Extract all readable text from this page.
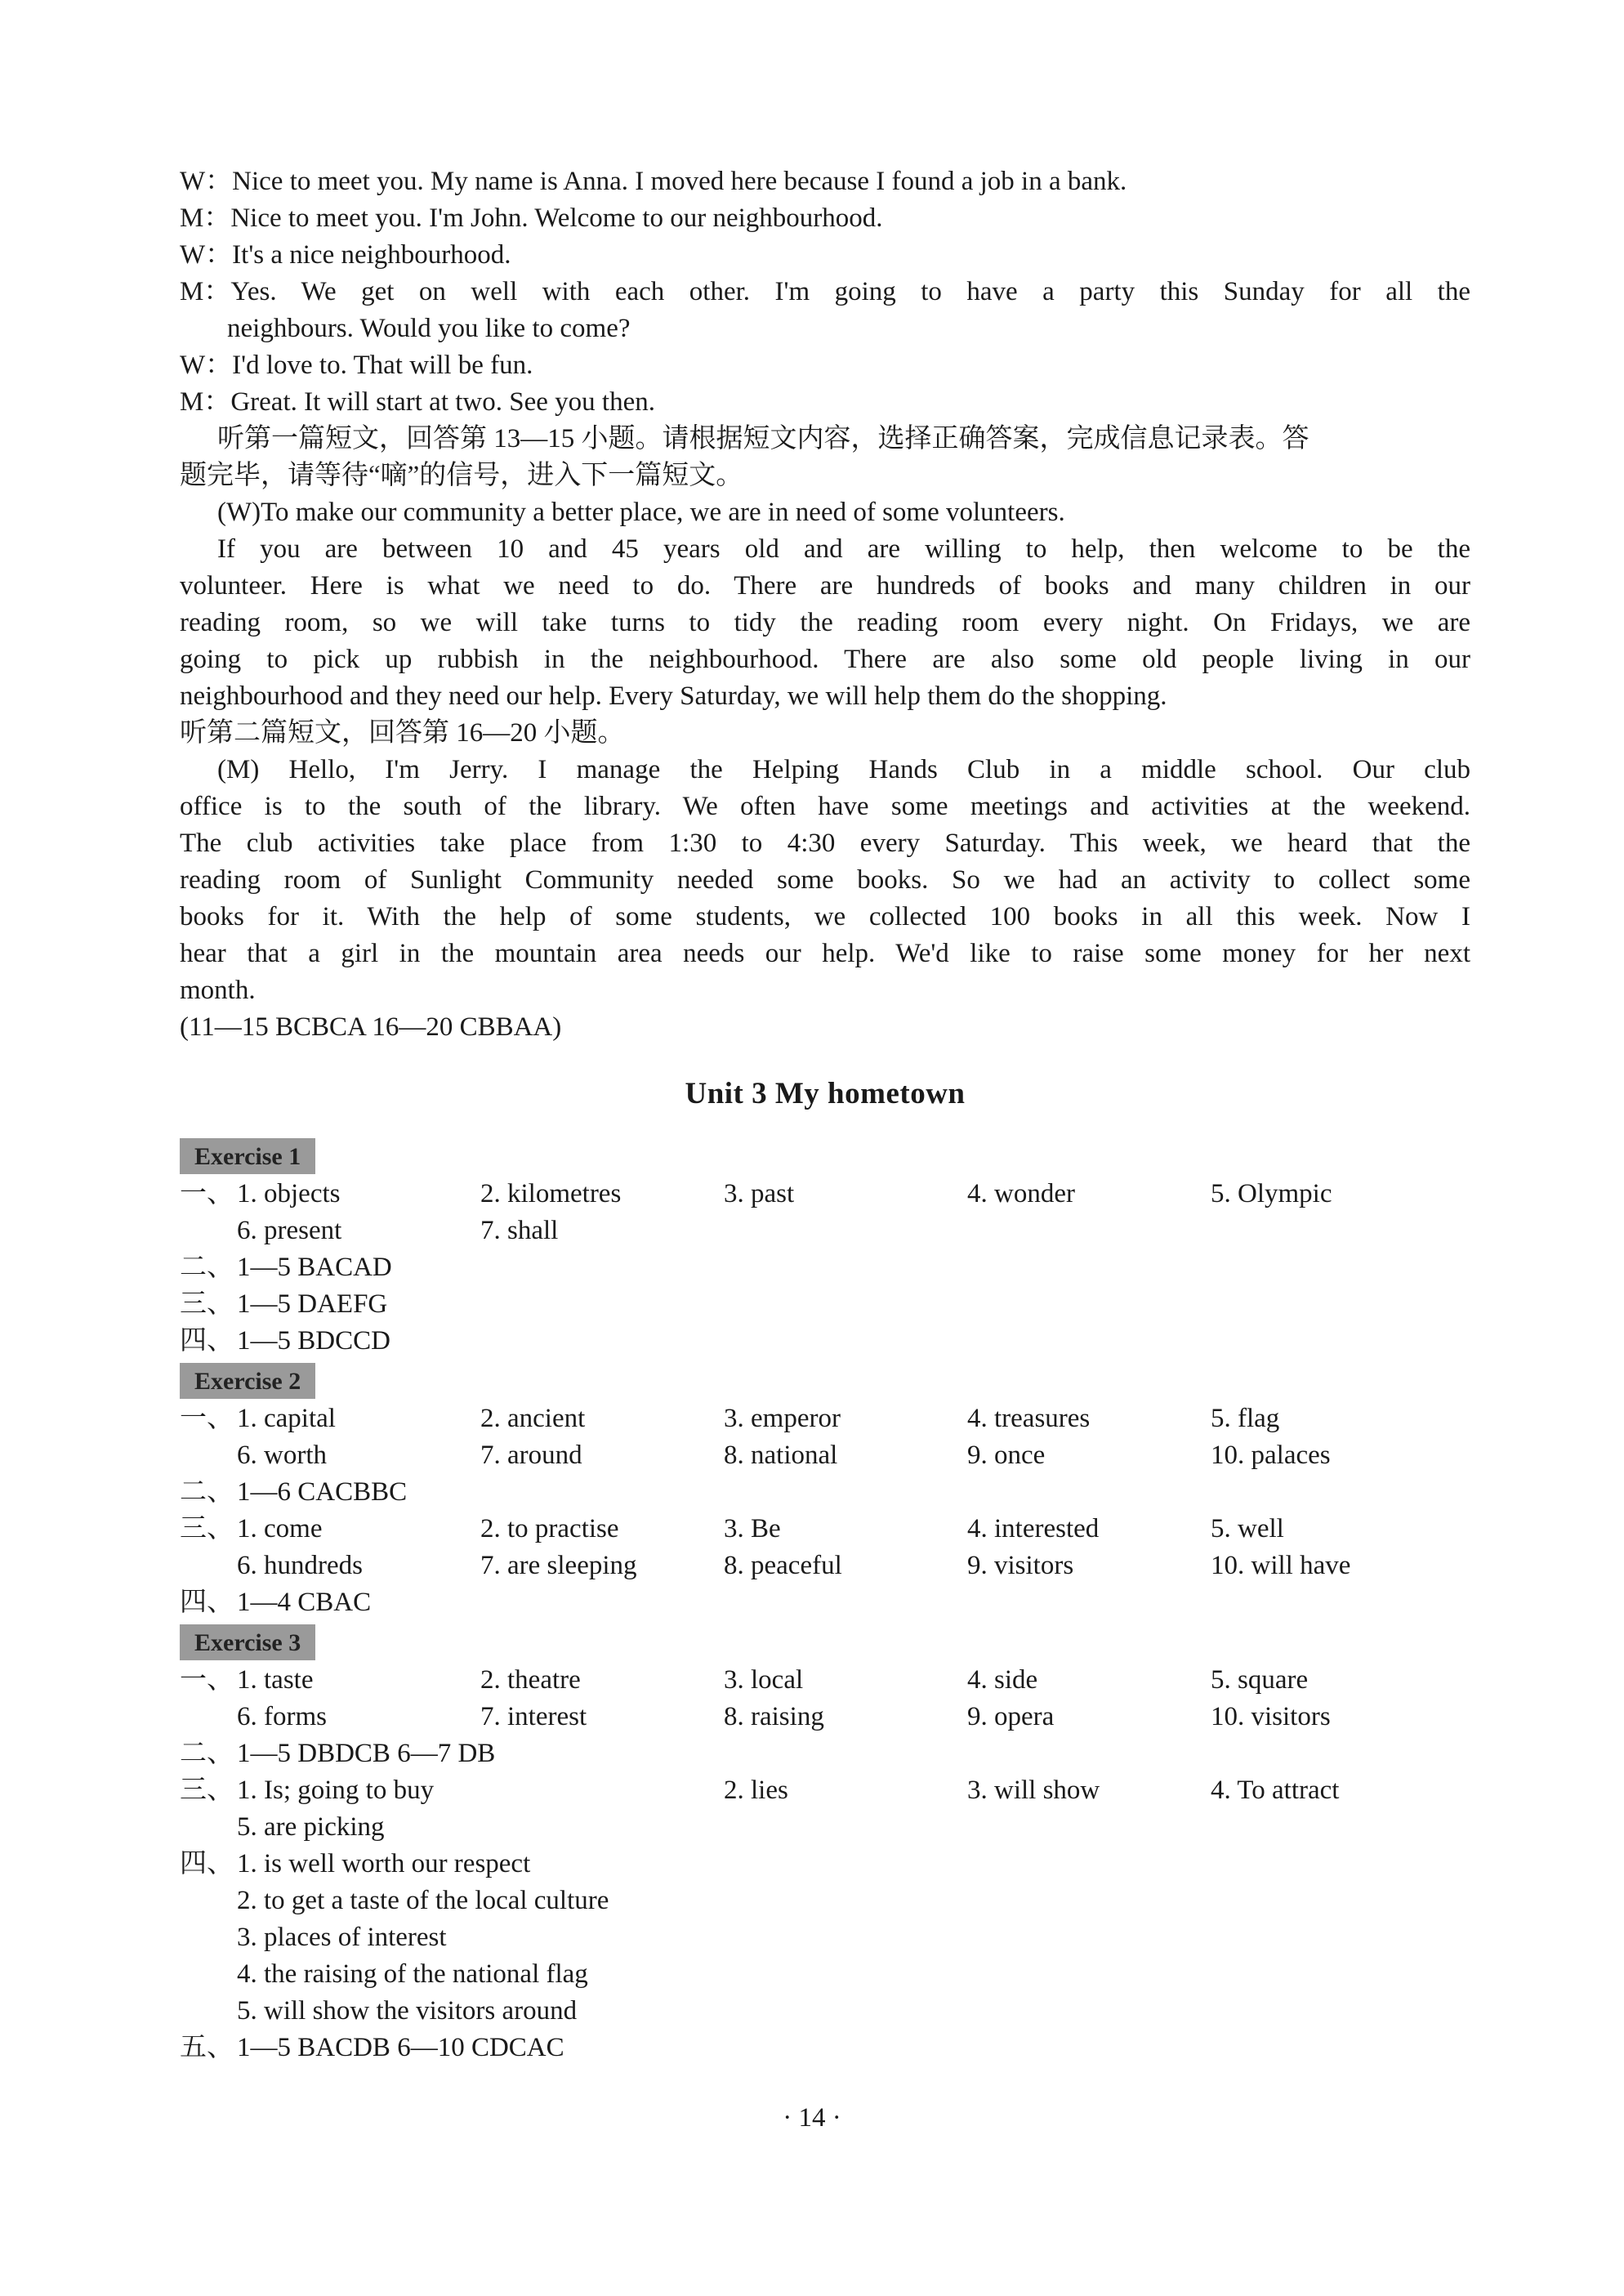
W：Nice to meet you. My name is Anna. I moved here because I found a job in a bank.
M：Nice to meet you. I'm John. Welcome to our neighbourhood.
W：It's a nice neighbourhood.
M： Yes. We get on well with each other. I'm going to have a party this Sunday for all the
neighbours. Would you like to come?
W：I'd love to. That will be fun.
M：Great. It will start at two. See you then.
听第一篇短文，回答第 13—15 小题。请根据短文内容，选择正确答案，完成信息记录表。答
题完毕，请等待“嘀”的信号，进入下一篇短文。
(W)To make our community a better place, we are in need of some volunteers.
If you are between 10 and 45 years old and are willing to help, then welcome to be the
volunteer. Here is what we need to do. There are hundreds of books and many children in our
reading room, so we will take turns to tidy the reading room every night. On Fridays, we are
going to pick up rubbish in the neighbourhood. There are also some old people living in our
neighbourhood and they need our help. Every Saturday, we will help them do the shopping.
听第二篇短文，回答第 16—20 小题。
(M) Hello, I'm Jerry. I manage the Helping Hands Club in a middle school. Our club
office is to the south of the library. We often have some meetings and activities at the weekend.
The club activities take place from 1:30 to 4:30 every Saturday. This week, we heard that the
reading room of Sunlight Community needed some books. So we had an activity to collect some
books for it. With the help of some students, we collected 100 books in all this week. Now I
hear that a girl in the mountain area needs our help. We'd like to raise some money for her next
month.
(11—15 BCBCA 16—20 CBBAA)
Unit 3 My hometown
Exercise 1
一、 1. objects	2. kilometres	3. past	4. wonder	5. Olympic
6. present	7. shall
二、 1—5 BACAD
三、 1—5 DAEFG
四、 1—5 BDCCD
Exercise 2
一、 1. capital	2. ancient	3. emperor	4. treasures	5. flag
6. worth	7. around	8. national	9. once	10. palaces
二、 1—6 CACBBC
三、 1. come	2. to practise	3. Be	4. interested	5. well
6. hundreds	7. are sleeping	8. peaceful	9. visitors	10. will have
四、 1—4 CBAC
Exercise 3
一、 1. taste	2. theatre	3. local	4. side	5. square
6. forms	7. interest	8. raising	9. opera	10. visitors
二、 1—5 DBDCB 6—7 DB
三、 1. Is; going to buy	2. lies	3. will show	4. To attract
5. are picking
四、 1. is well worth our respect
2. to get a taste of the local culture
3. places of interest
4. the raising of the national flag
5. will show the visitors around
五、 1—5 BACDB 6—10 CDCAC
· 14 ·
